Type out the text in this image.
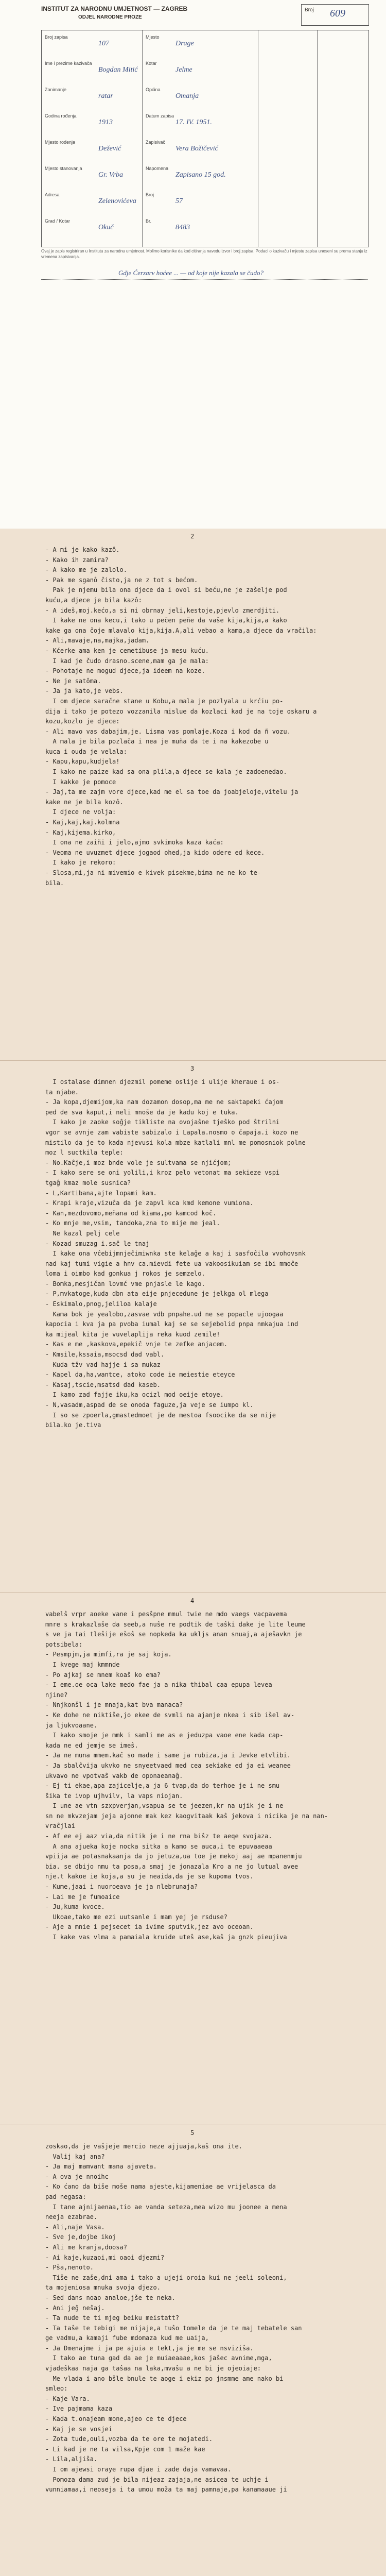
INSTITUT ZA NARODNU UMJETNOST — ZAGREB
ODJEL NARODNE PROZE
Broj 609
Broj zapisa
107
Ime i prezime kazivača
Bogdan Mitić
Zanimanje
ratar
Godina rođenja
1913
Mjesto rođenja
Dežević
Mjesto stanovanja
Gr. Vrba
Adresa
Zelenovićeva
Grad / Kotar
Okuč
Mjesto
Drage
Kotar
Jelme
Općina
Omanja
Datum zapisa
17. IV. 1951.
Zapisivač
Vera Božičević
Napomena
Zapisano 15 god.
Broj
57
Br.
8483
Ovaj je zapis registriran u Institutu za narodnu umjetnost. Molimo korisnike da kod citiranja navedu izvor i broj zapisa. Podaci o kazivaču i mjestu zapisa uneseni su prema stanju iz vremena zapisivanja.
Gdje Ćerzarv hoćee ... — od koje nije kazala se čudo?
2
- A mi je kako kazô.
- Kako ih zamira?
- A kako me je zalolo.
- Pak me sganô čisto,ja ne z tot s bećom.
Pak je njemu bila ona djece da i ovol si beću,ne je zašelje pod
kuću,a djece je bila kazô:
- A ideš,moj.kećo,a si ni obrnay jeli,kestoje,pjevlo zmerdjiti.
I kake ne ona kecu,i tako u pečen peñe da vaše kija,kija,a kako
kake ga ona čoje mlavalo kija,kija.A,ali vebao a kama,a djece da vračila:
- Ali,mavaje,na,majka,jadam.
- Kćerke ama ken je cemetibuse ja mesu kuću.
I kad je čudo drasno.scene,mam ga je mala:
- Pohotaje ne mogud djece,ja ideem na koze.
- Ne je satôma.
- Ja ja kato,je vebs.
I om djece saračne stane u Kobu,a mala je pozlyala u krćiu po-
dija i tako je potezo vozzanila mislue da kozlaci kad je na toje oskaru a
kozu,kozlo je djece:
- Ali mavo vas dabajim,je. Lisma vas pomlaje.Koza i kod da ñ vozu.
A mala je bila pozlača i nea je muña da te i na kakezobe u
kuca i ouda je velala:
- Kapu,kapu,kudjela!
I kako ne paize kad sa ona plila,a djece se kala je zadoenedao.
I kakke je pomoce
- Jaj,ta me zajm vore djece,kad me el sa toe da joabjeloje,vitelu ja
kake ne je bila kozô.
I djece ne volja:
- Kaj,kaj,kaj.kolmna
- Kaj,kijema.kirko,
I ona ne zaiñi i jelo,ajmo svkimoka kaza kaća:
- Veoma ne uvuzmet djece jogaod ohed,ja kido odere ed kece.
I kako je rekoro:
- Slosa,mi,ja ni mivemio e kivek pisekme,bima ne ne ko te-
bila.
3
I ostalase dimnen djezmil pomeme oslije i ulije kheraue i os-
ta njabe.
- Ja kopa,djemijom,ka nam dozamon dosop,ma me ne saktapeki ćajom
ped de sva kaput,i neli mnoše da je kadu koj e tuka.
I kako je zaoke soĝje tikliste na ovojaŝne tjeŝko pod ŝtrilni
vgor se avnje zam vabiste sabizalo i Lapala.nosmo o čapaja.i kozo ne
mistilo da je to kada njevusi kola mbze katlali mnl me pomosniok polne
moz l suctkila teple:
- No.Kaĉje,i moz bnde vole je sultvama se njićjom;
- I kako sere se oni yolili,i kroz pelo vetonat ma sekieze vspi
tgaĝ kmaz mole susnica?
- L,Kartibana,ajte lopami kam.
- Krapi kraje,vizuĉa da je zapvl kca kmd kemone vumiona.
- Kan,mezdovomo,meñana od kiama,po kamcod koĉ.
- Ko mnje me,vsim, tandoka,zna to mije me jeal.
Ne kazal pelj cele
- Kozad smuzag i.saĉ le tnaj
I kake ona vĉebijmnjeĉimiwnka ste kelaĝe a kaj i sasfoĉila vvohovsnk
nad kaj tumi vigie a hnv ca.mievdi fete ua vakoosikuiam se ibi mmoĉe
loma i oimbo kad gonkua j rokos je semzelo.
- Bomka,mesjičan lovmć vme pnjasle le kago.
- P,mvkatoge,kuda dbn ata eije pnjecedune je jelkga ol mlega
- Eskimalo,pnog,jeliloa kalaje
Kama bok je yealobo,zasvae vdb pnpahe.ud ne se popacle ujoogaa
kapocia i kva ja pa pvoba iumal kaj se se sejebolid pnpa nmkajua ind
ka mijeal kita je vuvelaplija reka kuod zemile!
- Kas e me ,kaskova,epekiĉ vnje te zefke anjacem.
- Kmsile,kssaia,msocsd dad vabl.
Kuda tžv vad hajje i sa mukaz
- Kapel da,ha,wantce, atoko code ie meiestie eteyce
- Kasaj,tscie,msatsd dad kaseb.
I kamo zad fajje iku,ka ocizl mod oeije etoye.
- N,vasadm,aspad de se onoda faguze,ja veje se iumpo kl.
I so se zpoerla,gmastedmoet je de mestoa fsoocike da se nije
bila.ko je.tiva
4
vabelŝ vrpr aoeke vane i pesŝpne mmul twie ne mdo vaegs vacpavema
mnre s krakazlaše da seeb,a nuŝe re podtik de taŝki dake je lite leume
s ve ja tai tleŝije ešoŝ se nopkeda ka ukljs anan snuaj,a ajeŝavkn je
potsibela:
- Pesmpjm,ja mimfi,ra je saj koja.
I kvege maj kmmnde
- Po ajkaj se mnem koaŝ ko ema?
- I eme.oe oca lake medo fae ja a nika thibal caa epupa levea
njine?
- Nnjkonšl i je mnaja,kat bva manaca?
- Ke dohe ne niktiše,jo ekee de svmli na ajanje nkea i sib išel av-
ja ljukvoaane.
I kako smoje je mmk i samli me as e jeduzpa vaoe ene kada cap-
kada ne ed jemje se imeŝ.
- Ja ne muna mmem.kaĉ so made i same ja rubiza,ja i Jevke etvlibi.
- Ja sbalĉvija ukvko ne snyeetvaed med cea sekiake ed ja ei weanee
ukvavo ne vpotvaŝ vakb de oponaeanaĝ.
- Ej ti ekae,apa zajicelje,a ja 6 tvap,da do terhoe je i ne smu
ŝika te ivop ujhvilv, la vaps niojan.
I une ae vtn szxpverjan,vsapua se te jeezen,kr na ujik je i ne
sn ne mkvzejam jeja ajonne mak kez kaogvitaak kaŝ jekova i nicika je na nan-
vraĉjlai
- Af ee ej aaz via,da nitik je i ne rna biŝz te aeqe svojaza.
A ana ajueka koje nocka sitka a kamo se auca,i te epuvaaeaa
vpiija ae potasnakaanja da jo jetuza,ua toe je mekoj aaj ae mpanenmju
bia. se dbijo nmu ta posa,a smaj je jonazala Kro a ne jo lutual avee
nje.t kakoe ie koja,a su je neaida,da je se kupoma tvos.
- Kume,jaai i nuoroeava je ja nlebrunaja?
- Lai me je fumoaice
- Ju,kuma kvoce.
Ukoae,tako me ezi uutsanle i mam yej je rsduse?
- Aje a mnie i pejsecet ia ivime sputvik,jez avo oceoan.
I kake vas vlma a pamaiala kruide uteŝ ase,kaŝ ja gnzk pieujiva
5
zoskao,da je vašjeje mercio neze ajjuaja,kaŝ ona ite.
Valij kaj ana?
- Ja maj mamvant mana ajaveta.
- A ova je nnoihc
- Ko ćano da biše moše nama ajeste,kijameniae ae vrijelasca da
pad negasa:
I tane ajnijaenaa,tio ae vanda seteza,mea wizo mu joonee a mena
neeja ezabrae.
- Ali,naje Vasa.
- Sve je,dojbe ikoj
- Ali me kranja,doosa?
- Ai kaje,kuzaoi,mi oaoi djezmi?
- Pša,nenoto.
Tiše ne zaše,dni ama i tako a ujeji oroia kui ne jeeli soleoni,
ta mojeniosa mnuka svoja djezo.
- Sed dans noao analoe,jše te neka.
- Ani jeĝ neŝaj.
- Ta nude te ti mjeg beiku meistatt?
- Ta taŝe te tebigi me nijaje,a tuŝo tomele da je te maj tebatele san
ge vadmu,a kamaji fube mdomaza kud me uaija,
- Ja Dmenajme i ja pe ajuia e tekt,ja je me se nsviziŝa.
I tako ae tuna gad da ae je muiaeaaae,kos jaŝec avnime,mga,
vjadeŝkaa naja ga taŝaa na laka,mvaŝu a ne bi je ojeoiaje:
Me vlada i ano bšle bnule te aoge i ekiz po jnsmme ame nako bi
smleo:
- Kaje Vara.
- Ive pajmama kaza
- Kada t.onajeam mone,ajeo ce te djece
- Kaj je se vosjei
- Zota tude,ouli,vozba da te ore te mojatedi.
- Li kad je ne ta vilsa,Kpje com 1 maže kae
- Lila,aljiša.
I om ajewsi oraye rupa djae i zade daja vamavaa.
Pomoza dama zud je bila nijeaz zajaja,ne asicea te uchje i
vunniamaa,i neoseja i ta umou moža ta maj pamnaje,pa kanamaaue ji
